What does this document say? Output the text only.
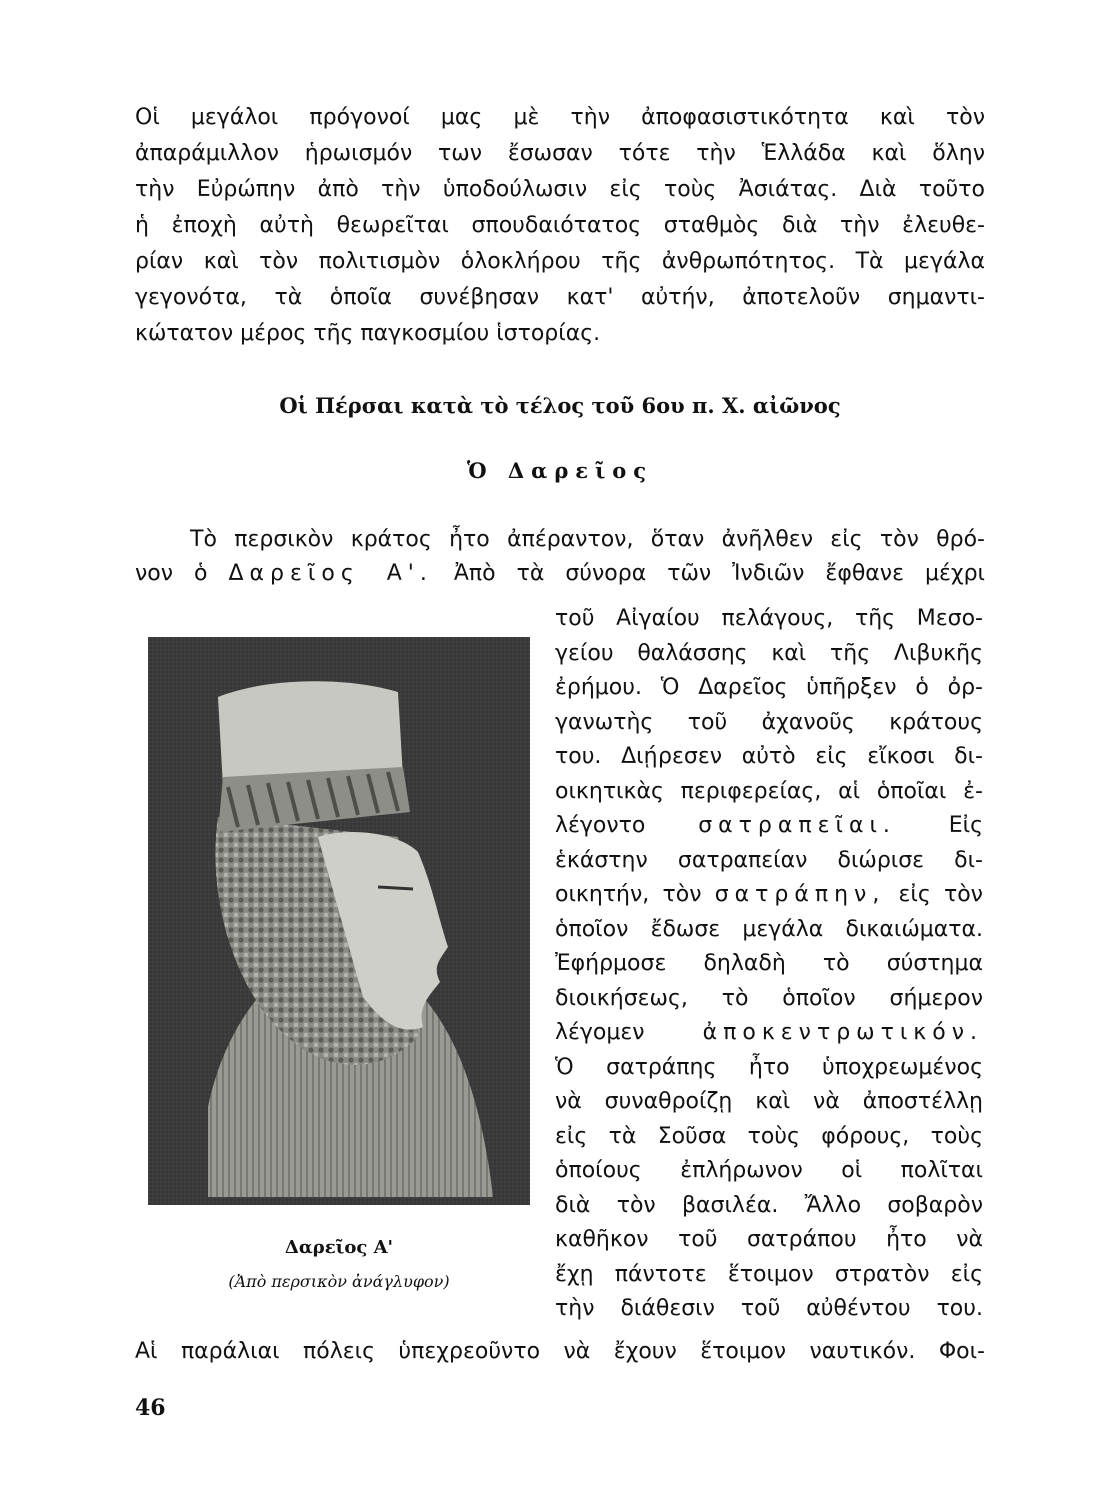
Οἱ μεγάλοι πρόγονοί μας μὲ τὴν ἀποφασιστικότητα καὶ τὸν
ἀπαράμιλλον ἡρωισμόν των ἔσωσαν τότε τὴν Ἑλλάδα καὶ ὅλην
τὴν Εὐρώπην ἀπὸ τὴν ὑποδούλωσιν εἰς τοὺς Ἀσιάτας. Διὰ τοῦτο
ἡ ἐποχὴ αὐτὴ θεωρεῖται σπουδαιότατος σταθμὸς διὰ τὴν ἐλευθε-
ρίαν καὶ τὸν πολιτισμὸν ὁλοκλήρου τῆς ἀνθρωπότητος. Τὰ μεγάλα
γεγονότα, τὰ ὁποῖα συνέβησαν κατ' αὐτήν, ἀποτελοῦν σημαντι-
κώτατον μέρος τῆς παγκοσμίου ἱστορίας.
Οἱ Πέρσαι κατὰ τὸ τέλος τοῦ 6ου π. Χ. αἰῶνος
Ὁ Δαρεῖος
Τὸ περσικὸν κράτος ἦτο ἀπέραντον, ὅταν ἀνῆλθεν εἰς τὸν θρό-
νον ὁ Δαρεῖος Α'. Ἀπὸ τὰ σύνορα τῶν Ἰνδιῶν ἔφθανε μέχρι
Δαρεῖος Α'
(Ἀπὸ περσικὸν ἀνάγλυφον)
τοῦ Αἰγαίου πελάγους, τῆς Μεσο-
γείου θαλάσσης καὶ τῆς Λιβυκῆς
ἐρήμου. Ὁ Δαρεῖος ὑπῆρξεν ὁ ὀρ-
γανωτὴς τοῦ ἀχανοῦς κράτους
του. Διῄρεσεν αὐτὸ εἰς εἴκοσι δι-
οικητικὰς περιφερείας, αἱ ὁποῖαι ἐ-
λέγοντο σατραπεῖαι. Εἰς
ἑκάστην σατραπείαν διώρισε δι-
οικητήν, τὸν σατράπην, εἰς τὸν
ὁποῖον ἔδωσε μεγάλα δικαιώματα.
Ἐφήρμοσε δηλαδὴ τὸ σύστημα
διοικήσεως, τὸ ὁποῖον σήμερον
λέγομεν	ἀποκεντρωτικόν.
Ὁ σατράπης ἦτο ὑποχρεωμένος
νὰ συναθροίζῃ καὶ νὰ ἀποστέλλῃ
εἰς τὰ Σοῦσα τοὺς φόρους, τοὺς
ὁποίους ἐπλήρωνον οἱ πολῖται
διὰ τὸν βασιλέα. Ἄλλο σοβαρὸν
καθῆκον τοῦ σατράπου ἦτο νὰ
ἔχῃ πάντοτε ἕτοιμον στρατὸν εἰς
τὴν διάθεσιν τοῦ αὐθέντου του.
Αἱ παράλιαι πόλεις ὑπεχρεοῦντο νὰ ἔχουν ἕτοιμον ναυτικόν. Φοι-
46
